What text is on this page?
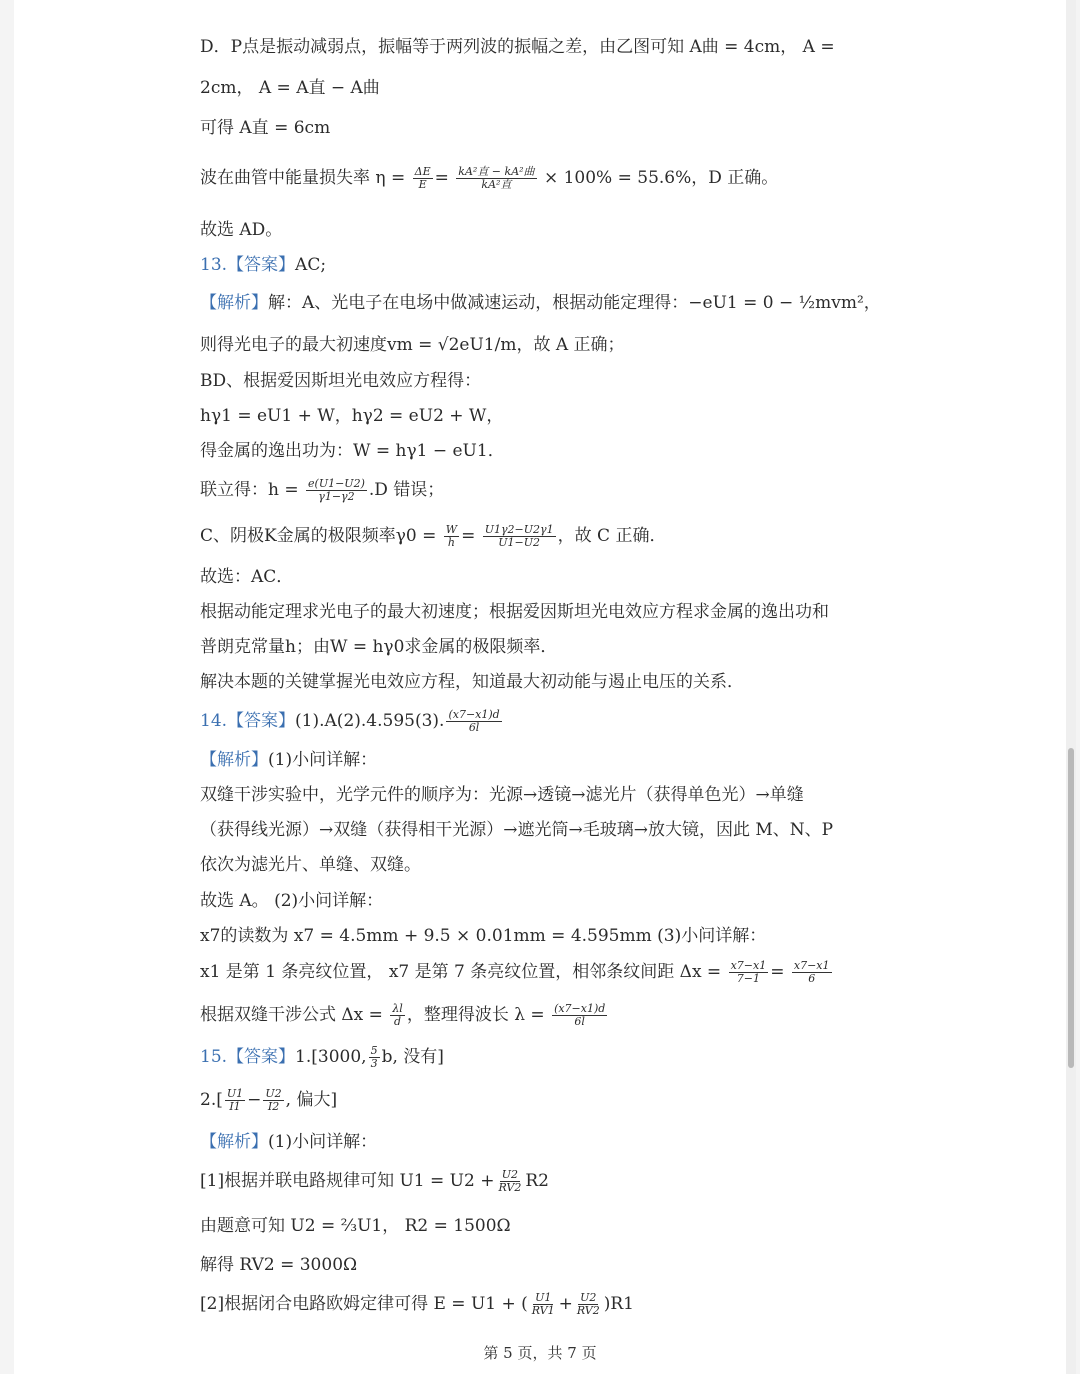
D．P点是振动减弱点，振幅等于两列波的振幅之差，由乙图可知 A曲 = 4cm， A =
2cm， A = A直 − A曲
可得 A直 = 6cm
波在曲管中能量损失率 $\eta = \frac{\Delta E}{E} = \frac{\text{kA²直 − kA²曲}}{\text{kA²直}} \times 100\% = 55.6\%$，D 正确。
故选 AD。
13.【答案】AC;
【解析】解：A、光电子在电场中做减速运动，根据动能定理得：−eU1 = 0 − ½mvm²，
则得光电子的最大初速度vm = √2eU1/m，故 A 正确；
BD、根据爱因斯坦光电效应方程得：
hγ1 = eU1 + W，hγ2 = eU2 + W，
得金属的逸出功为：W = hγ1 − eU1．
联立得：$h = \frac{e(U1-U2)}{\gamma 1-\gamma 2} .D$ 错误；
C、阴极K金属的极限频率$\gamma 0 = \frac{W}{h} = \frac{U1\gamma 2-U2\gamma 1}{U1-U2}$ ，故 C 正确．
故选：AC．
根据动能定理求光电子的最大初速度；根据爱因斯坦光电效应方程求金属的逸出功和
普朗克常量h；由W = hγ0求金属的极限频率．
解决本题的关键掌握光电效应方程，知道最大初动能与遏止电压的关系．
14.【答案】(1).A(2).4.595(3). $\frac{(x7-x1)d}{6l}$
【解析】(1)小问详解：
双缝干涉实验中，光学元件的顺序为：光源→透镜→滤光片（获得单色光）→单缝
（获得线光源）→双缝（获得相干光源）→遮光筒→毛玻璃→放大镜，因此 M、N、P
依次为滤光片、单缝、双缝。
故选 A。 (2)小问详解：
x7的读数为 x7 = 4.5mm + 9.5 × 0.01mm = 4.595mm (3)小问详解：
x1 是第 1 条亮纹位置， x7 是第 7 条亮纹位置，相邻条纹间距 $\Delta x = \frac{x7-x1}{7-1} = \frac{x7-x1}{6}$
根据双缝干涉公式 $\Delta x = \frac{\lambda l}{d}$ ，整理得波长 $\lambda = \frac{(x7-x1)d}{6l}$
15.【答案】1.[3000, $\frac{5}{3} b$, 没有]
$2.[ \frac{U1}{I1} - \frac{U2}{I2}$ , 偏大]
【解析】(1)小问详解：
[1]根据并联电路规律可知 $U1 = U2 + \frac{U2}{RV2} R2$
由题意可知 U2 = ⅔U1， R2 = 1500Ω
解得 RV2 = 3000Ω
[2]根据闭合电路欧姆定律可得 E = U1 + ( $\frac{U1}{RV1} + \frac{U2}{RV2} )R1$
第 5 页，共 7 页
